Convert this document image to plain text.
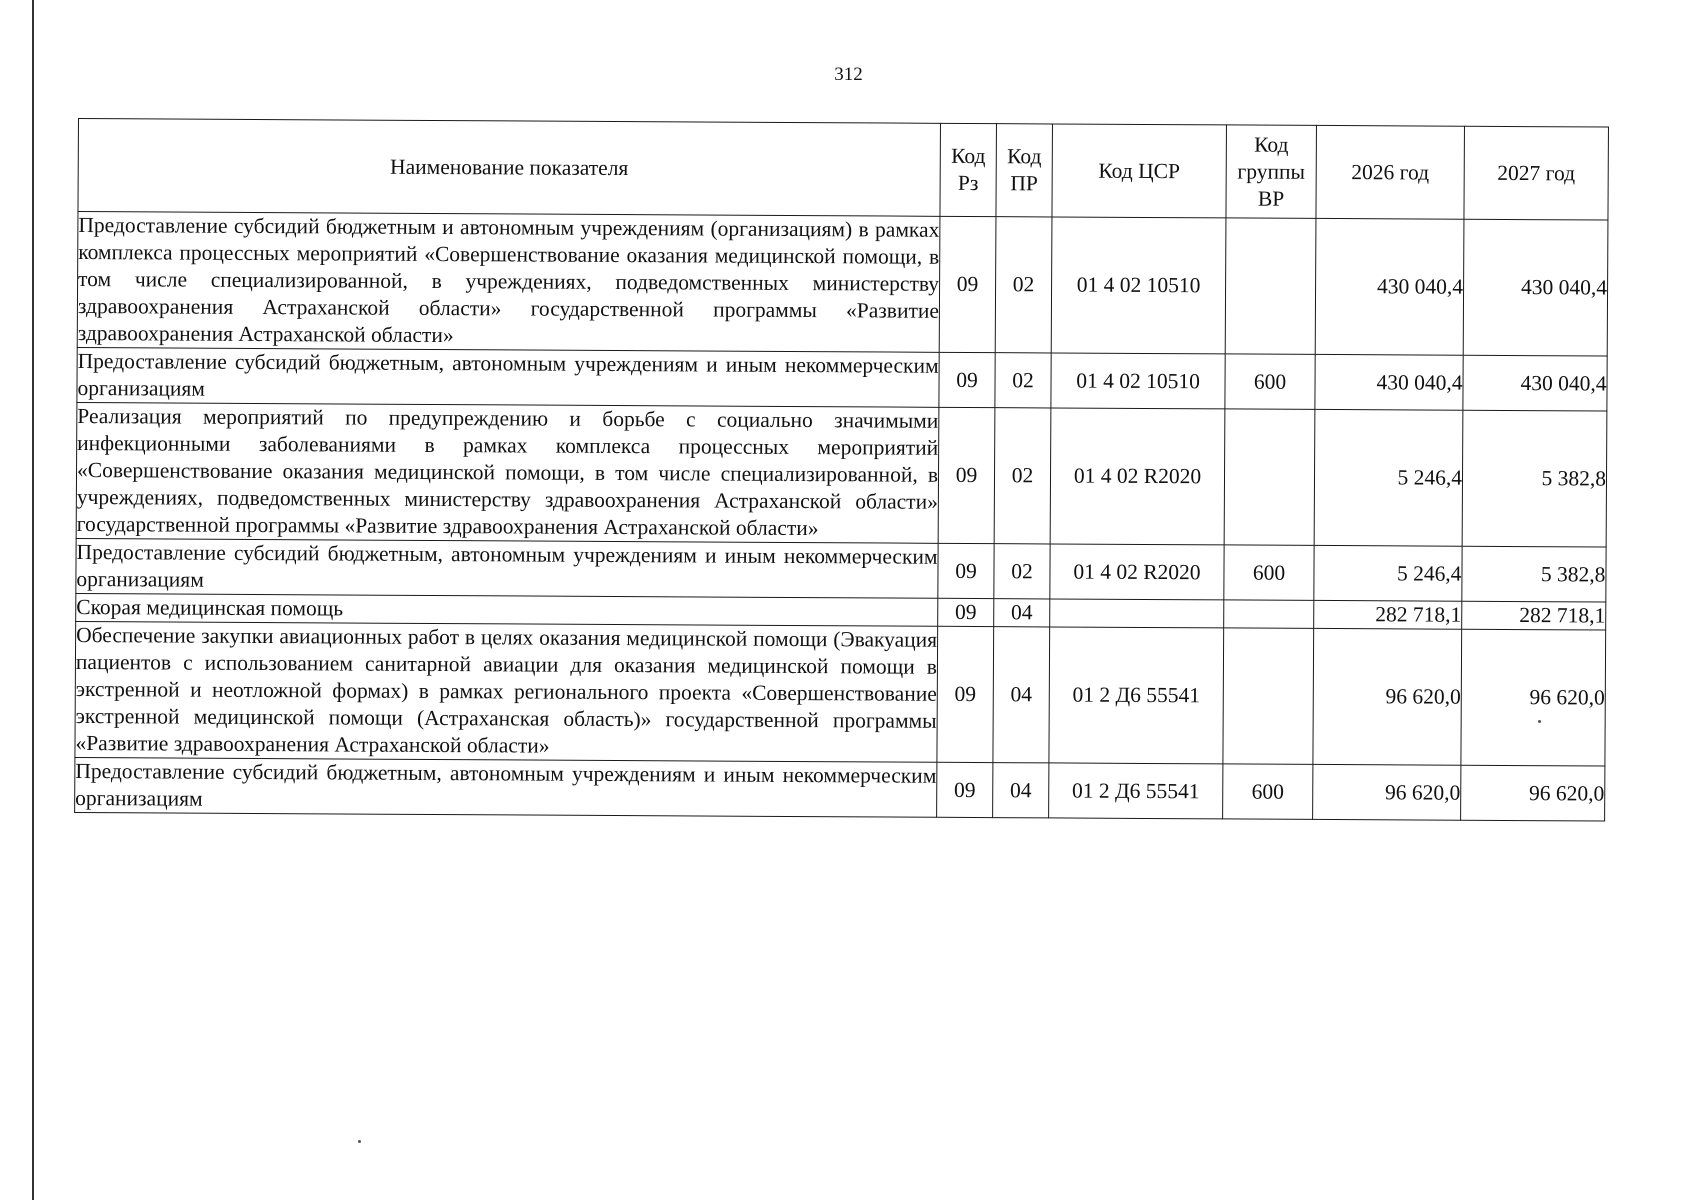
312
Наименование показателя	Код Рз	Код ПР	Код ЦСР	Код группы ВР	2026 год	2027 год
Предоставление субсидий бюджетным и автономным учреждениям (организациям) в рамках комплекса процессных мероприятий «Совершенствование оказания медицинской помощи, в том числе специализированной, в учреждениях, подведомственных министерству здравоохранения Астраханской области» государственной программы «Развитие здравоохранения Астраханской области»	09	02	01 4 02 10510		430 040,4	430 040,4
Предоставление субсидий бюджетным, автономным учреждениям и иным некоммерческим организациям	09	02	01 4 02 10510	600	430 040,4	430 040,4
Реализация мероприятий по предупреждению и борьбе с социально значимыми инфекционными заболеваниями в рамках комплекса процессных мероприятий «Совершенствование оказания медицинской помощи, в том числе специализированной, в учреждениях, подведомственных министерству здравоохранения Астраханской области» государственной программы «Развитие здравоохранения Астраханской области»	09	02	01 4 02 R2020		5 246,4	5 382,8
Предоставление субсидий бюджетным, автономным учреждениям и иным некоммерческим организациям	09	02	01 4 02 R2020	600	5 246,4	5 382,8
Скорая медицинская помощь	09	04			282 718,1	282 718,1
Обеспечение закупки авиационных работ в целях оказания медицинской помощи (Эвакуация пациентов с использованием санитарной авиации для оказания медицинской помощи в экстренной и неотложной формах) в рамках регионального проекта «Совершенствование экстренной медицинской помощи (Астраханская область)» государственной программы «Развитие здравоохранения Астраханской области»	09	04	01 2 Д6 55541		96 620,0	96 620,0
Предоставление субсидий бюджетным, автономным учреждениям и иным некоммерческим организациям	09	04	01 2 Д6 55541	600	96 620,0	96 620,0
